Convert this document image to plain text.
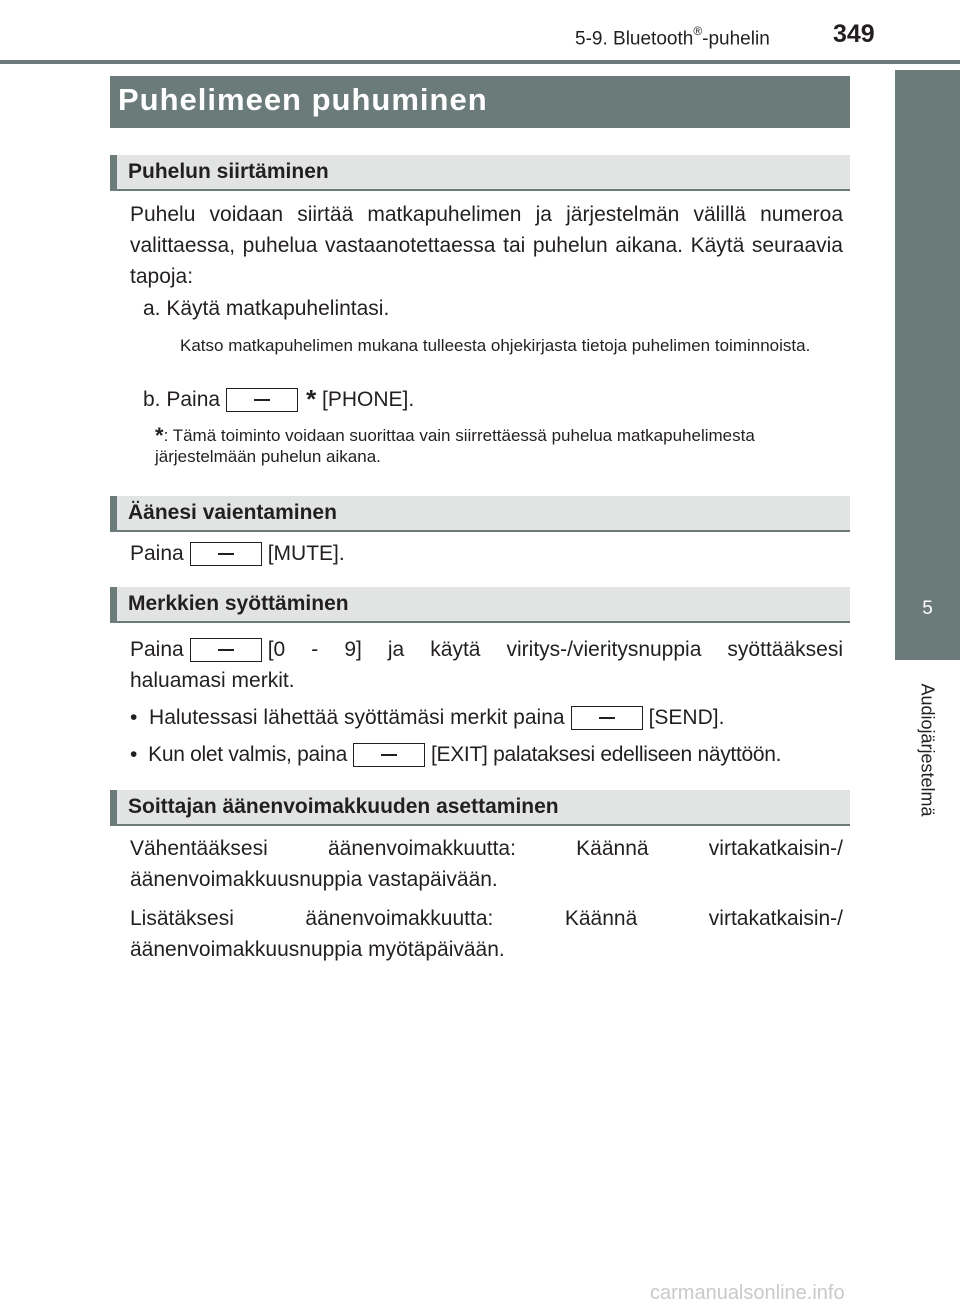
5-9. Bluetooth®-puhelin	349
5
Audiojärjestelmä
Puhelimeen puhuminen
Puhelun siirtäminen
Puhelu voidaan siirtää matkapuhelimen ja järjestelmän välillä numeroa valittaessa, puhelua vastaanotettaessa tai puhelun aikana. Käytä seuraavia tapoja:
a. Käytä matkapuhelintasi.
Katso matkapuhelimen mukana tulleesta ohjekirjasta tietoja puhelimen toiminnoista.
b. Paina	* [PHONE].
*: Tämä toiminto voidaan suorittaa vain siirrettäessä puhelua matkapuhelimesta järjestelmään puhelun aikana.
Äänesi vaientaminen
Paina	[MUTE].
Merkkien syöttäminen
Paina	[0 - 9] ja käytä viritys-/vieritysnuppia syöttääksesi
haluamasi merkit.
•  Halutessasi lähettää syöttämäsi merkit paina	[SEND].
•  Kun olet valmis, paina	[EXIT] palataksesi edelliseen näyttöön.
Soittajan äänenvoimakkuuden asettaminen
Vähentääksesi äänenvoimakkuutta: Käännä virtakatkaisin-/äänenvoimakkuusnuppia vastapäivään.
Lisätäksesi äänenvoimakkuutta: Käännä virtakatkaisin-/äänenvoimakkuusnuppia myötäpäivään.
carmanualsonline.info
